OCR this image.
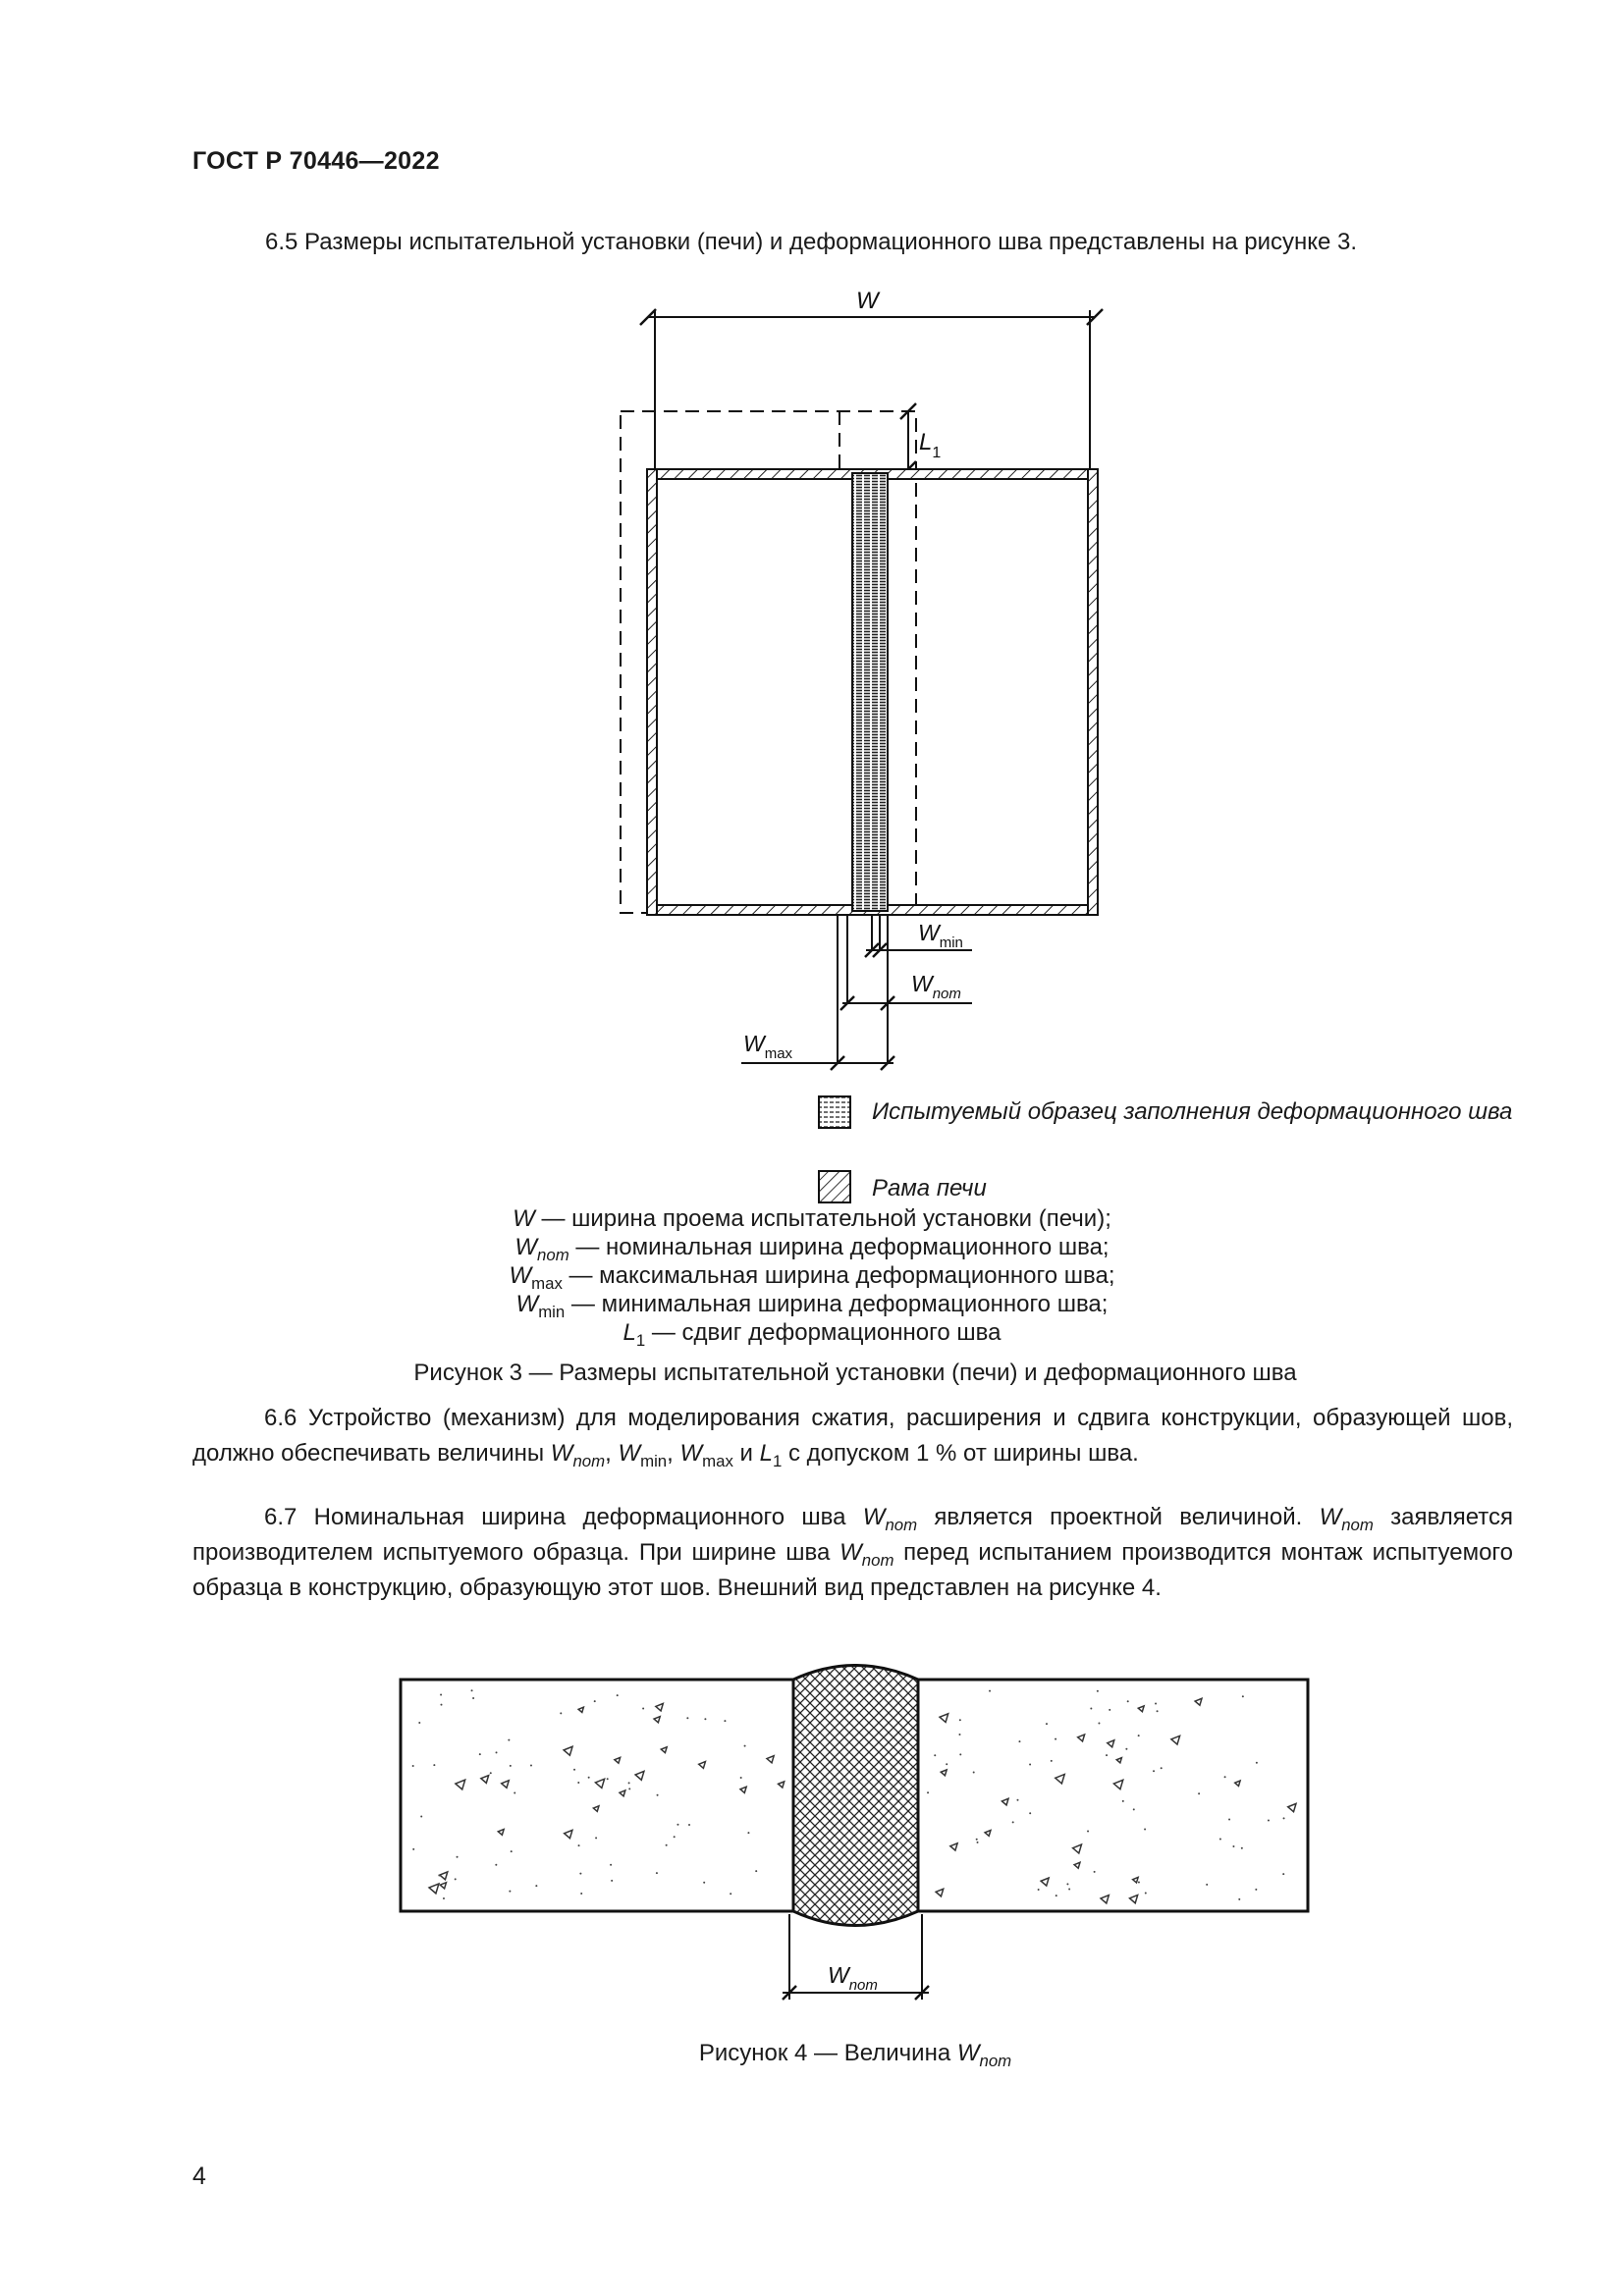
ГОСТ Р 70446—2022
6.5 Размеры испытательной установки (печи) и деформационного шва представлены на рисунке 3.
W
$L_1$
$W_{min}$
$W_{nom}$
$W_{max}$
Испытуемый образец заполнения деформационного шва
Рама печи
W — ширина проема испытательной установки (печи);
$W_{nom}$ — номинальная ширина деформационного шва;
$W_{max}$ — максимальная ширина деформационного шва;
$W_{min}$ — минимальная ширина деформационного шва;
$L_1$ — сдвиг деформационного шва
Рисунок 3 — Размеры испытательной установки (печи) и деформационного шва
6.6 Устройство (механизм) для моделирования сжатия, расширения и сдвига конструкции, образующей шов, должно обеспечивать величины $W_{nom}$, $W_{min}$, $W_{max}$ и $L_1$ с допуском 1 % от ширины шва.
6.7 Номинальная ширина деформационного шва $W_{nom}$ является проектной величиной. $W_{nom}$ заявляется производителем испытуемого образца. При ширине шва $W_{nom}$ перед испытанием производится монтаж испытуемого образца в конструкцию, образующую этот шов. Внешний вид представлен на рисунке 4.
$W_{nom}$
Рисунок 4 — Величина $W_{nom}$
4
